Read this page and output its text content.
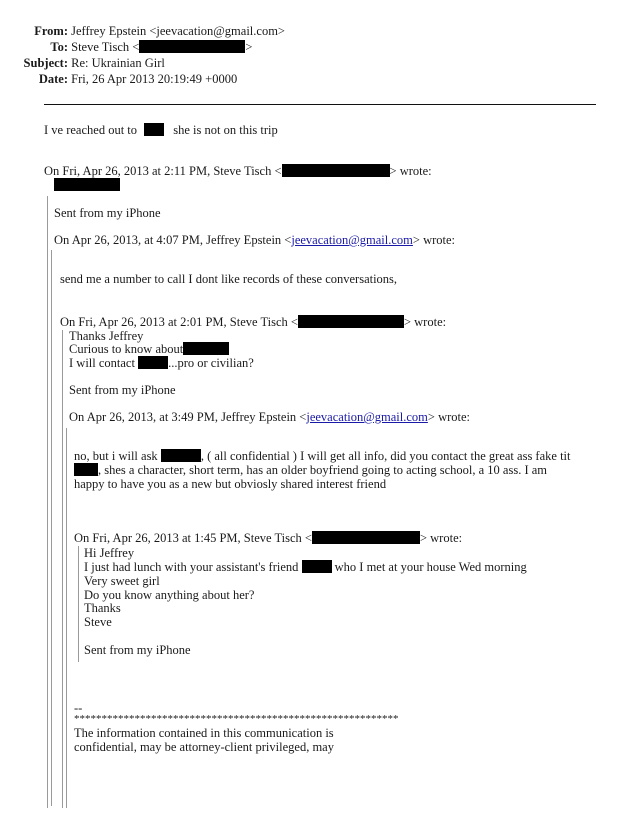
From: Jeffrey Epstein <jeevacation@gmail.com>
To: Steve Tisch <	>
Subject: Re: Ukrainian Girl
Date: Fri, 26 Apr 2013 20:19:49 +0000
I ve reached out to	she is not on this trip
On Fri, Apr 26, 2013 at 2:11 PM, Steve Tisch <	> wrote:
Sent from my iPhone
On Apr 26, 2013, at 4:07 PM, Jeffrey Epstein <jeevacation@gmail.com> wrote:
send me a number to call I dont like records of these conversations,
On Fri, Apr 26, 2013 at 2:01 PM, Steve Tisch <	> wrote:
Thanks Jeffrey
Curious to know about
I will contact	...pro or civilian?
Sent from my iPhone
On Apr 26, 2013, at 3:49 PM, Jeffrey Epstein <jeevacation@gmail.com> wrote:
no, but i will ask	, ( all confidential ) I will get all info, did you contact the great ass fake tit
, shes a character, short term, has an older boyfriend going to acting school, a 10 ass. I am
happy to have you as a new but obviosly shared interest friend
On Fri, Apr 26, 2013 at 1:45 PM, Steve Tisch <	> wrote:
Hi Jeffrey
I just had lunch with your assistant's friend	who I met at your house Wed morning
Very sweet girl
Do you know anything about her?
Thanks
Steve
Sent from my iPhone
--
***********************************************************
The information contained in this communication is
confidential, may be attorney-client privileged, may
